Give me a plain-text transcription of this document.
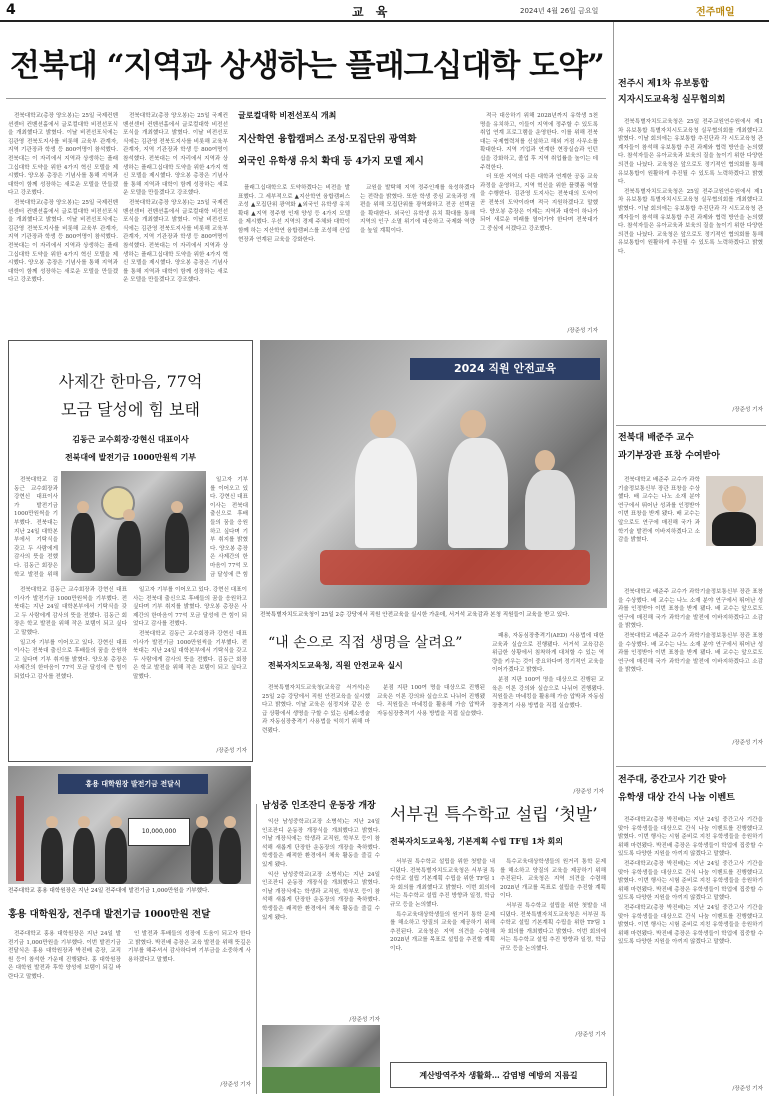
4	교 육	2024년 4월 26일 금요일	전주매일
전북대 “지역과 상생하는 플래그십대학 도약”
글로컬대학 비전선포식 개최
지산학연 융합캠퍼스 조성·모집단위 광역화
외국인 유학생 유치 확대 등 4가지 모델 제시

전북대학교(총장 양오봉)는 25일 국제컨벤션센터 컨벤션홀에서 글로컬대학 비전선포식을 개최했다고 밝혔다. 이날 비전선포식에는 김관영 전북도지사를 비롯해 교육부 관계자, 지역 기관장과 학생 등 800여명이 참석했다. 전북대는 이 자리에서 지역과 상생하는 플래그십대학 도약을 위한 4가지 혁신 모델을 제시했다. 양오봉 총장은 기념사를 통해 지역과 대학이 함께 성장하는 새로운 모델을 만들겠다고 강조했다.

전북대학교(총장 양오봉)는 25일 국제컨벤션센터 컨벤션홀에서 글로컬대학 비전선포식을 개최했다고 밝혔다. 이날 비전선포식에는 김관영 전북도지사를 비롯해 교육부 관계자, 지역 기관장과 학생 등 800여명이 참석했다. 전북대는 이 자리에서 지역과 상생하는 플래그십대학 도약을 위한 4가지 혁신 모델을 제시했다. 양오봉 총장은 기념사를 통해 지역과 대학이 함께 성장하는 새로운 모델을 만들겠다고 강조했다.

전북대학교(총장 양오봉)는 25일 국제컨벤션센터 컨벤션홀에서 글로컬대학 비전선포식을 개최했다고 밝혔다. 이날 비전선포식에는 김관영 전북도지사를 비롯해 교육부 관계자, 지역 기관장과 학생 등 800여명이 참석했다. 전북대는 이 자리에서 지역과 상생하는 플래그십대학 도약을 위한 4가지 혁신 모델을 제시했다. 양오봉 총장은 기념사를 통해 지역과 대학이 함께 성장하는 새로운 모델을 만들겠다고 강조했다.

전북대학교(총장 양오봉)는 25일 국제컨벤션센터 컨벤션홀에서 글로컬대학 비전선포식을 개최했다고 밝혔다. 이날 비전선포식에는 김관영 전북도지사를 비롯해 교육부 관계자, 지역 기관장과 학생 등 800여명이 참석했다. 전북대는 이 자리에서 지역과 상생하는 플래그십대학 도약을 위한 4가지 혁신 모델을 제시했다. 양오봉 총장은 기념사를 통해 지역과 대학이 함께 성장하는 새로운 모델을 만들겠다고 강조했다.

플래그십대학으로 도약하겠다는 비전을 발표했다. 그 세부적으로 ▲지산학연 융합캠퍼스 조성 ▲모집단위 광역화 ▲외국인 유학생 유치 확대 ▲지역 정주형 인재 양성 등 4가지 모델을 제시했다. 우선 지역의 경제 주체와 대학이 함께 하는 지산학연 융합캠퍼스를 조성해 산업 현장과 연계된 교육을 강화한다.

교원을 발탁해 지역 정주인재를 육성하겠다는 전략을 밝혔다. 또한 학생 중심 교육과정 개편을 위해 모집단위를 광역화하고 전공 선택권을 확대한다. 외국인 유학생 유치 확대를 통해 지역의 인구 소멸 위기에 대응하고 국제화 역량을 높일 계획이다.

적극 대응하기 위해 2028년까지 유학생 5천명을 유치하고, 이들이 지역에 정주할 수 있도록 취업 연계 프로그램을 운영한다. 이를 위해 전북대는 국제협력처를 신설하고 해외 거점 사무소를 확대한다. 지역 기업과 연계한 현장실습과 인턴십을 강화하고, 졸업 후 지역 취업률을 높이는 데 주력한다.

더 또한 지역의 다른 대학과 연계한 공동 교육과정을 운영하고, 지역 혁신을 위한 플랫폼 역할을 수행한다. 김관영 도지사는 전북대의 도약이 곧 전북의 도약이라며 적극 지원하겠다고 말했다. 양오봉 총장은 이제는 지역과 대학이 하나가 되어 새로운 미래를 열어가야 한다며 전북대가 그 중심에 서겠다고 강조했다.

/장준성 기자
사제간 한마음, 77억
모금 달성에 힘 보태
김동근 교수회장·강현신 대표이사
전북대에 발전기금 1000만원씩 기부

전북대학교 김동근 교수회장과 강현신 대표이사가 발전기금 1000만원씩을 기부했다. 전북대는 지난 24일 대학본부에서 기탁식을 갖고 두 사람에게 감사의 뜻을 전했다. 김동근 회장은 학교 발전을 위해

일고자 기부를 이어오고 있다. 강현신 대표이사는 전북대 출신으로 후배들의 꿈을 응원하고 싶다며 기부 취지를 밝혔다. 양오봉 총장은 사제간의 한마음이 77억 모금 달성에 큰 힘

전북대학교 김동근 교수회장과 강현신 대표이사가 발전기금 1000만원씩을 기부했다. 전북대는 지난 24일 대학본부에서 기탁식을 갖고 두 사람에게 감사의 뜻을 전했다. 김동근 회장은 학교 발전을 위해 작은 보탬이 되고 싶다고 말했다.

일고자 기부를 이어오고 있다. 강현신 대표이사는 전북대 출신으로 후배들의 꿈을 응원하고 싶다며 기부 취지를 밝혔다. 양오봉 총장은 사제간의 한마음이 77억 모금 달성에 큰 힘이 되었다고 감사를 전했다.

일고자 기부를 이어오고 있다. 강현신 대표이사는 전북대 출신으로 후배들의 꿈을 응원하고 싶다며 기부 취지를 밝혔다. 양오봉 총장은 사제간의 한마음이 77억 모금 달성에 큰 힘이 되었다고 감사를 전했다.

전북대학교 김동근 교수회장과 강현신 대표이사가 발전기금 1000만원씩을 기부했다. 전북대는 지난 24일 대학본부에서 기탁식을 갖고 두 사람에게 감사의 뜻을 전했다. 김동근 회장은 학교 발전을 위해 작은 보탬이 되고 싶다고 말했다.

/장준성 기자
2024 직원 안전교육
전북특별자치도교육청이 25일 2층 강당에서 직원 안전교육을 실시한 가운데, 서거석 교육감과 본청 직원들이 교육을 받고 있다.
“내 손으로 직접 생명을 살려요”
전북자치도교육청, 직원 안전교육 실시

전북특별자치도교육청(교육감 서거석)은 25일 2층 강당에서 직원 안전교육을 실시했다고 밝혔다. 이날 교육은 심정지와 같은 응급 상황에서 생명을 구할 수 있는 심폐소생술과 자동심장충격기 사용법을 익히기 위해 마련됐다.

분점 지판 100여 명을 대상으로 진행된 교육은 이론 강의와 실습으로 나뉘어 진행됐다. 직원들은 마네킹을 활용해 가슴 압박과 자동심장충격기 사용 방법을 직접 실습했다.

패용, 자동심장충격기(AED) 사용법에 대한 교육과 실습으로 진행됐다. 서거석 교육감은 위급한 상황에서 침착하게 대처할 수 있는 역량을 키우는 것이 중요하다며 정기적인 교육을 이어가겠다고 밝혔다.

분점 지판 100여 명을 대상으로 진행된 교육은 이론 강의와 실습으로 나뉘어 진행됐다. 직원들은 마네킹을 활용해 가슴 압박과 자동심장충격기 사용 방법을 직접 실습했다.

/장준성 기자
홍용 대학원장 발전기금 전달식
10,000,000
전주대학교 홍용 대학원장은 지난 24일 전주대에 발전기금 1,000만원을 기부했다.
홍용 대학원장, 전주대 발전기금 1000만원 전달

전주대학교 홍용 대학원장은 지난 24일 발전기금 1,000만원을 기부했다. 이번 발전기금 전달식은 홍용 대학원장과 박진배 총장, 교직원 등이 참석한 가운데 진행됐다. 홍 대학원장은 대학원 발전과 후학 양성에 보탬이 되길 바란다고 말했다.

인 발전과 후배들의 성장에 도움이 되고자 한다고 밝혔다. 박진배 총장은 교육 발전을 위해 뜻깊은 기부를 해주셔서 감사하다며 기부금을 소중하게 사용하겠다고 말했다.

/장준성 기자
남성중 인조잔디 운동장 개장

익산 남성중학교(교장 소병석)는 지난 24일 인조잔디 운동장 개장식을 개최했다고 밝혔다. 이날 개장식에는 학생과 교직원, 학부모 등이 참석해 새롭게 단장한 운동장의 개장을 축하했다. 학생들은 쾌적한 환경에서 체육 활동을 즐길 수 있게 됐다.

익산 남성중학교(교장 소병석)는 지난 24일 인조잔디 운동장 개장식을 개최했다고 밝혔다. 이날 개장식에는 학생과 교직원, 학부모 등이 참석해 새롭게 단장한 운동장의 개장을 축하했다. 학생들은 쾌적한 환경에서 체육 활동을 즐길 수 있게 됐다.

/장준성 기자
서부권 특수학교 설립 ‘첫발’
전북자치도교육청, 기본계획 수립 TF팀 1차 회의

서부권 특수학교 설립을 위한 첫발을 내디뎠다. 전북특별자치도교육청은 서부권 특수학교 설립 기본계획 수립을 위한 TF팀 1차 회의를 개최했다고 밝혔다. 이번 회의에서는 특수학교 설립 추진 방향과 일정, 학급 규모 등을 논의했다.

특수교육대상학생들의 원거리 통학 문제를 해소하고 양질의 교육을 제공하기 위해 추진된다. 교육청은 지역 의견을 수렴해 2028년 개교를 목표로 설립을 추진할 계획이다.

특수교육대상학생들의 원거리 통학 문제를 해소하고 양질의 교육을 제공하기 위해 추진된다. 교육청은 지역 의견을 수렴해 2028년 개교를 목표로 설립을 추진할 계획이다.

서부권 특수학교 설립을 위한 첫발을 내디뎠다. 전북특별자치도교육청은 서부권 특수학교 설립 기본계획 수립을 위한 TF팀 1차 회의를 개최했다고 밝혔다. 이번 회의에서는 특수학교 설립 추진 방향과 일정, 학급 규모 등을 논의했다.

/장준성 기자
계산방역주차 생활화… 감염병 예방의 지름길
전주시 제1차 유보통합
지자시도교육청 실무협의회

전북특별자치도교육청은 25일 전주교원연수원에서 제1차 유보통합 특별자치시도교육청 실무협의회를 개최했다고 밝혔다. 이날 회의에는 유보통합 추진단과 각 시도교육청 관계자들이 참석해 유보통합 추진 과제와 협력 방안을 논의했다. 참석자들은 유아교육과 보육의 질을 높이기 위한 다양한 의견을 나눴다. 교육청은 앞으로도 정기적인 협의회를 통해 유보통합이 원활하게 추진될 수 있도록 노력하겠다고 밝혔다.

전북특별자치도교육청은 25일 전주교원연수원에서 제1차 유보통합 특별자치시도교육청 실무협의회를 개최했다고 밝혔다. 이날 회의에는 유보통합 추진단과 각 시도교육청 관계자들이 참석해 유보통합 추진 과제와 협력 방안을 논의했다. 참석자들은 유아교육과 보육의 질을 높이기 위한 다양한 의견을 나눴다. 교육청은 앞으로도 정기적인 협의회를 통해 유보통합이 원활하게 추진될 수 있도록 노력하겠다고 밝혔다.

/장준성 기자
전북대 배준주 교수
과기부장관 표창 수여받아

전북대학교 배준주 교수가 과학기술정보통신부 장관 표창을 수상했다. 배 교수는 나노 소재 분야 연구에서 뛰어난 성과를 인정받아 이번 표창을 받게 됐다. 배 교수는 앞으로도 연구에 매진해 국가 과학기술 발전에 이바지하겠다고 소감을 밝혔다.

전북대학교 배준주 교수가 과학기술정보통신부 장관 표창을 수상했다. 배 교수는 나노 소재 분야 연구에서 뛰어난 성과를 인정받아 이번 표창을 받게 됐다. 배 교수는 앞으로도 연구에 매진해 국가 과학기술 발전에 이바지하겠다고 소감을 밝혔다.

전북대학교 배준주 교수가 과학기술정보통신부 장관 표창을 수상했다. 배 교수는 나노 소재 분야 연구에서 뛰어난 성과를 인정받아 이번 표창을 받게 됐다. 배 교수는 앞으로도 연구에 매진해 국가 과학기술 발전에 이바지하겠다고 소감을 밝혔다.

/장준성 기자
전주대, 중간고사 기간 맞아
유학생 대상 간식 나눔 이벤트

전주대학교(총장 박진배)는 지난 24일 중간고사 기간을 맞아 유학생들을 대상으로 간식 나눔 이벤트를 진행했다고 밝혔다. 이번 행사는 시험 준비로 지친 유학생들을 응원하기 위해 마련됐다. 박진배 총장은 유학생들이 학업에 집중할 수 있도록 다양한 지원을 아끼지 않겠다고 말했다.

전주대학교(총장 박진배)는 지난 24일 중간고사 기간을 맞아 유학생들을 대상으로 간식 나눔 이벤트를 진행했다고 밝혔다. 이번 행사는 시험 준비로 지친 유학생들을 응원하기 위해 마련됐다. 박진배 총장은 유학생들이 학업에 집중할 수 있도록 다양한 지원을 아끼지 않겠다고 말했다.

전주대학교(총장 박진배)는 지난 24일 중간고사 기간을 맞아 유학생들을 대상으로 간식 나눔 이벤트를 진행했다고 밝혔다. 이번 행사는 시험 준비로 지친 유학생들을 응원하기 위해 마련됐다. 박진배 총장은 유학생들이 학업에 집중할 수 있도록 다양한 지원을 아끼지 않겠다고 말했다.

/장준성 기자
